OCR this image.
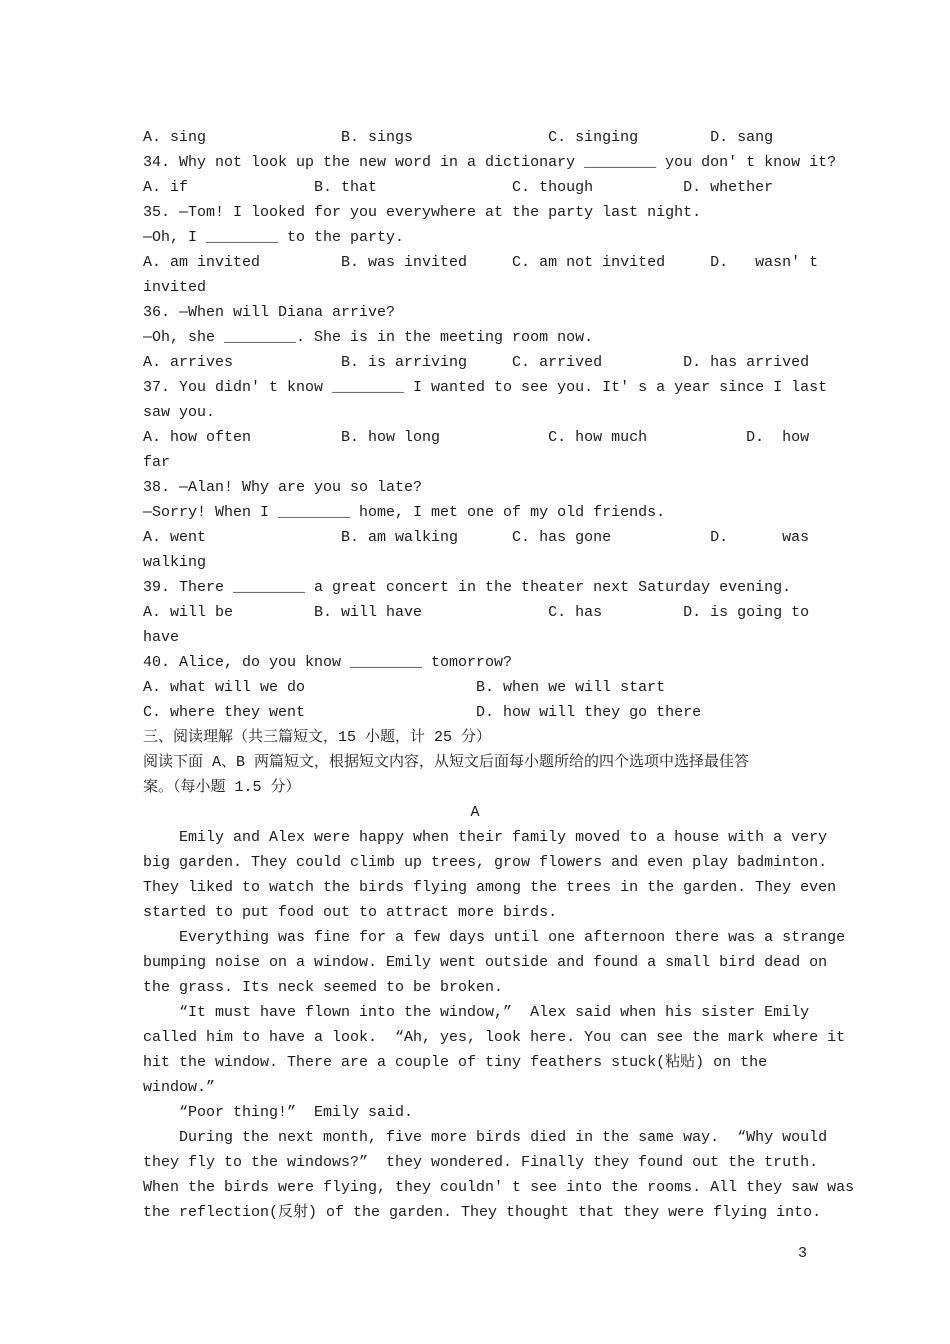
A. sing               B. sings               C. singing        D. sang
34. Why not look up the new word in a dictionary ________ you don' t know it?
A. if              B. that               C. though          D. whether
35. —Tom! I looked for you everywhere at the party last night.
—Oh, I ________ to the party.
A. am invited         B. was invited     C. am not invited     D.   wasn' t
invited
36. —When will Diana arrive?
—Oh, she ________. She is in the meeting room now.
A. arrives            B. is arriving     C. arrived         D. has arrived
37. You didn' t know ________ I wanted to see you. It' s a year since I last
saw you.
A. how often          B. how long            C. how much           D.  how
far
38. —Alan! Why are you so late?
—Sorry! When I ________ home, I met one of my old friends.
A. went               B. am walking      C. has gone           D.      was
walking
39. There ________ a great concert in the theater next Saturday evening.
A. will be         B. will have              C. has         D. is going to
have
40. Alice, do you know ________ tomorrow?
A. what will we do                   B. when we will start
C. where they went                   D. how will they go there
三、阅读理解（共三篇短文，15 小题，计 25 分）
阅读下面 A、B 两篇短文，根据短文内容，从短文后面每小题所给的四个选项中选择最佳答
案。（每小题 1.5 分）
A
Emily and Alex were happy when their family moved to a house with a very
big garden. They could climb up trees, grow flowers and even play badminton.
They liked to watch the birds flying among the trees in the garden. They even
started to put food out to attract more birds.
Everything was fine for a few days until one afternoon there was a strange
bumping noise on a window. Emily went outside and found a small bird dead on
the grass. Its neck seemed to be broken.
“It must have flown into the window,”  Alex said when his sister Emily
called him to have a look.  “Ah, yes, look here. You can see the mark where it
hit the window. There are a couple of tiny feathers stuck(粘贴) on the
window.”
“Poor thing!”  Emily said.
During the next month, five more birds died in the same way.  “Why would
they fly to the windows?”  they wondered. Finally they found out the truth.
When the birds were flying, they couldn' t see into the rooms. All they saw was
the reflection(反射) of the garden. They thought that they were flying into.
3
